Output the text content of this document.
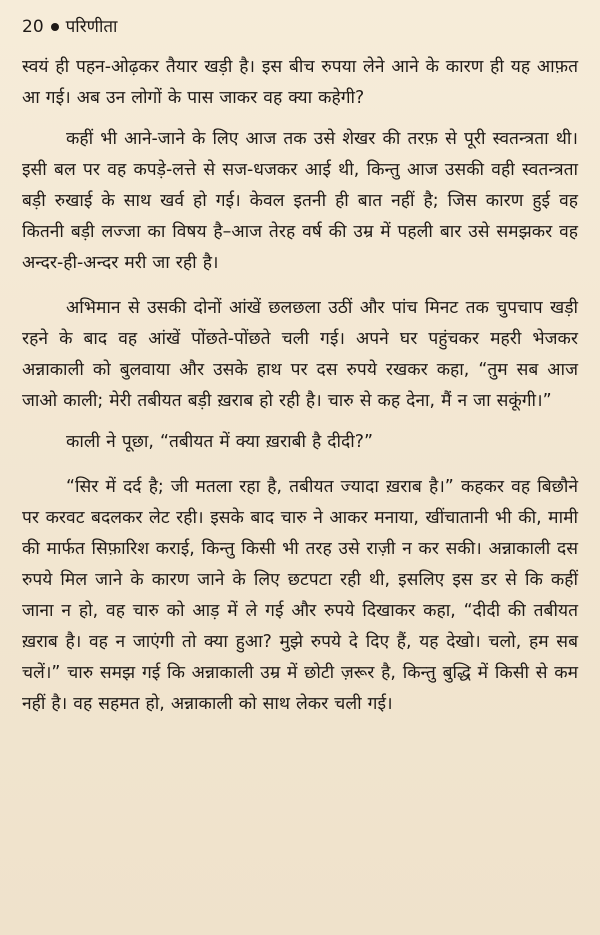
20 परिणीता

स्वयं ही पहन-ओढ़कर तैयार खड़ी है। इस बीच रुपया लेने आने के कारण ही यह आफ़त आ गई। अब उन लोगों के पास जाकर वह क्या कहेगी?

कहीं भी आने-जाने के लिए आज तक उसे शेखर की तरफ़ से पूरी स्वतन्त्रता थी। इसी बल पर वह कपड़े-लत्ते से सज-धजकर आई थी, किन्तु आज उसकी वही स्वतन्त्रता बड़ी रुखाई के साथ खर्व हो गई। केवल इतनी ही बात नहीं है; जिस कारण हुई वह कितनी बड़ी लज्जा का विषय है–आज तेरह वर्ष की उम्र में पहली बार उसे समझकर वह अन्दर-ही-अन्दर मरी जा रही है।

अभिमान से उसकी दोनों आंखें छलछला उठीं और पांच मिनट तक चुपचाप खड़ी रहने के बाद वह आंखें पोंछते-पोंछते चली गई। अपने घर पहुंचकर महरी भेजकर अन्नाकाली को बुलवाया और उसके हाथ पर दस रुपये रखकर कहा, “तुम सब आज जाओ काली; मेरी तबीयत बड़ी ख़राब हो रही है। चारु से कह देना, मैं न जा सकूंगी।”

काली ने पूछा, “तबीयत में क्या ख़राबी है दीदी?”

“सिर में दर्द है; जी मतला रहा है, तबीयत ज्यादा ख़राब है।” कहकर वह बिछौने पर करवट बदलकर लेट रही। इसके बाद चारु ने आकर मनाया, खींचातानी भी की, मामी की मार्फत सिफ़ारिश कराई, किन्तु किसी भी तरह उसे राज़ी न कर सकी। अन्नाकाली दस रुपये मिल जाने के कारण जाने के लिए छटपटा रही थी, इसलिए इस डर से कि कहीं जाना न हो, वह चारु को आड़ में ले गई और रुपये दिखाकर कहा, “दीदी की तबीयत ख़राब है। वह न जाएंगी तो क्या हुआ? मुझे रुपये दे दिए हैं, यह देखो। चलो, हम सब चलें।” चारु समझ गई कि अन्नाकाली उम्र में छोटी ज़रूर है, किन्तु बुद्धि में किसी से कम नहीं है। वह सहमत हो, अन्नाकाली को साथ लेकर चली गई।
